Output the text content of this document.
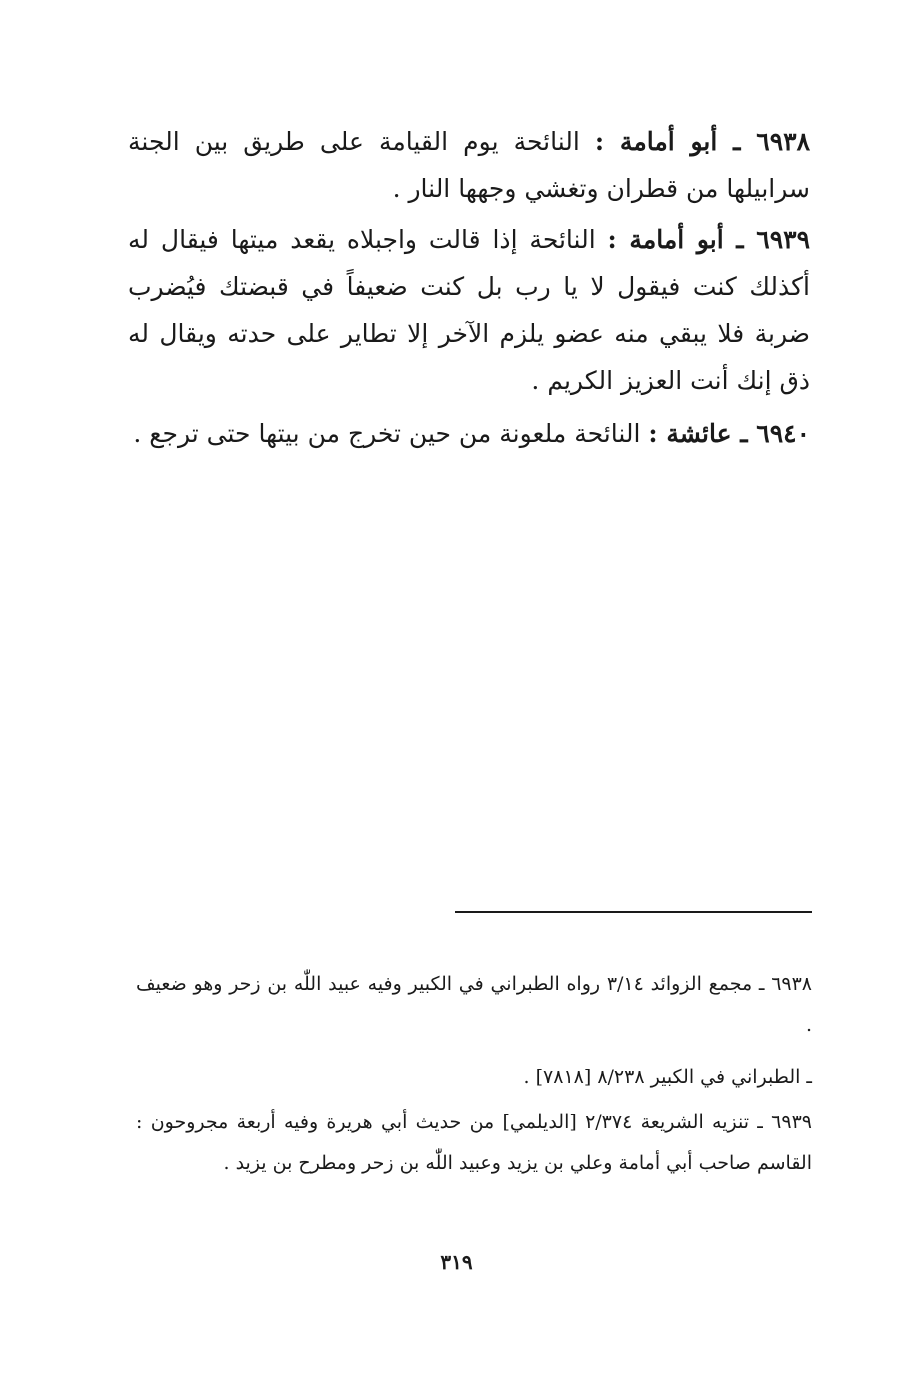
٦٩٣٨ ـ أبو أمامة : النائحة يوم القيامة على طريق بين الجنة سرابيلها من قطران وتغشي وجهها النار .

٦٩٣٩ ـ أبو أمامة : النائحة إذا قالت واجبلاه يقعد ميتها فيقال له أكذلك كنت فيقول لا يا رب بل كنت ضعيفاً في قبضتك فيُضرب ضربة فلا يبقي منه عضو يلزم الآخر إلا تطاير على حدته ويقال له ذق إنك أنت العزيز الكريم .

٦٩٤٠ ـ عائشة : النائحة ملعونة من حين تخرج من بيتها حتى ترجع .

٦٩٣٨ ـ مجمع الزوائد ٣/١٤ رواه الطبراني في الكبير وفيه عبيد اللّٰه بن زحر وهو ضعيف .

ـ الطبراني في الكبير ٨/٢٣٨ [٧٨١٨] .

٦٩٣٩ ـ تنزيه الشريعة ٢/٣٧٤ [الديلمي] من حديث أبي هريرة وفيه أربعة مجروحون : القاسم صاحب أبي أمامة وعلي بن يزيد وعبيد اللّٰه بن زحر ومطرح بن يزيد .

٣١٩
